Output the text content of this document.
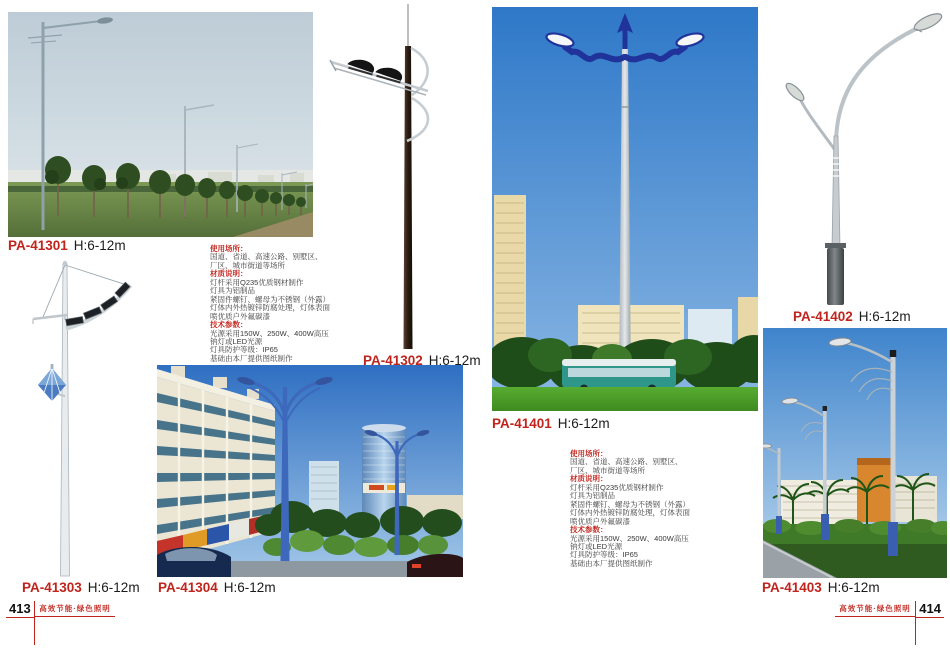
使用场所：
国道、省道、高速公路、别墅区、
厂区、城市街道等场所
材质说明：
灯杆采用Q235优质钢材制作
灯具为铝制品
紧固件螺钉、螺母为不锈钢（外露）
灯体内外热镀锌防腐处理，灯体表面
喷优质户外氟碳漆
技术参数：
光源采用150W、250W、400W高压
钠灯或LED光源
灯具防护等级：IP65
基础由本厂提供图纸制作
使用场所：
国道、省道、高速公路、别墅区、
厂区、城市街道等场所
材质说明：
灯杆采用Q235优质钢材制作
灯具为铝制品
紧固件螺钉、螺母为不锈钢（外露）
灯体内外热镀锌防腐处理，灯体表面
喷优质户外氟碳漆
技术参数：
光源采用150W、250W、400W高压
钠灯或LED光源
灯具防护等级：IP65
基础由本厂提供图纸制作
PA-41301 H:6-12m
PA-41302 H:6-12m
PA-41303 H:6-12m PA-41304 H:6-12m
PA-41401 H:6-12m
PA-41402 H:6-12m
PA-41403 H:6-12m
413	高效节能·绿色照明	高效节能·绿色照明 414
